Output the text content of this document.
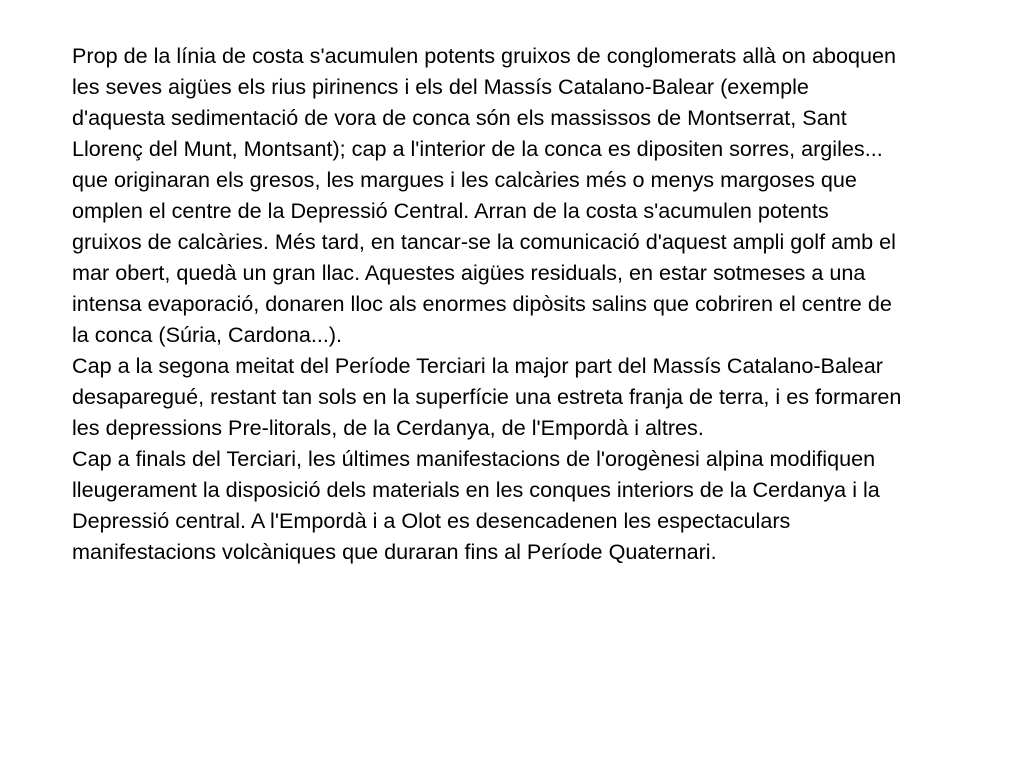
Prop de la línia de costa s'acumulen potents gruixos de conglomerats allà on aboquen les seves aigües els rius pirinencs i els del Massís Catalano-Balear (exemple d'aquesta sedimentació de vora de conca són els massissos de Montserrat, Sant Llorenç del Munt, Montsant); cap a l'interior de la conca es dipositen sorres, argiles... que originaran els gresos, les margues i les calcàries més o menys margoses que omplen el centre de la Depressió Central. Arran de la costa s'acumulen potents gruixos de calcàries. Més tard, en tancar-se la comunicació d'aquest ampli golf amb el mar obert, quedà un gran llac. Aquestes aigües residuals, en estar sotmeses a una intensa evaporació, donaren lloc als enormes dipòsits salins que cobriren el centre de la conca (Súria, Cardona...).

Cap a la segona meitat del Període Terciari la major part del Massís Catalano-Balear desaparegué, restant tan sols en la superfície una estreta franja de terra, i es formaren les depressions Pre-litorals, de la Cerdanya, de l'Empordà i altres.

Cap a finals del Terciari, les últimes manifestacions de l'orogènesi alpina modifiquen lleugerament la disposició dels materials en les conques interiors de la Cerdanya i la Depressió central. A l'Empordà i a Olot es desencadenen les espectaculars manifestacions volcàniques que duraran fins al Període Quaternari.
